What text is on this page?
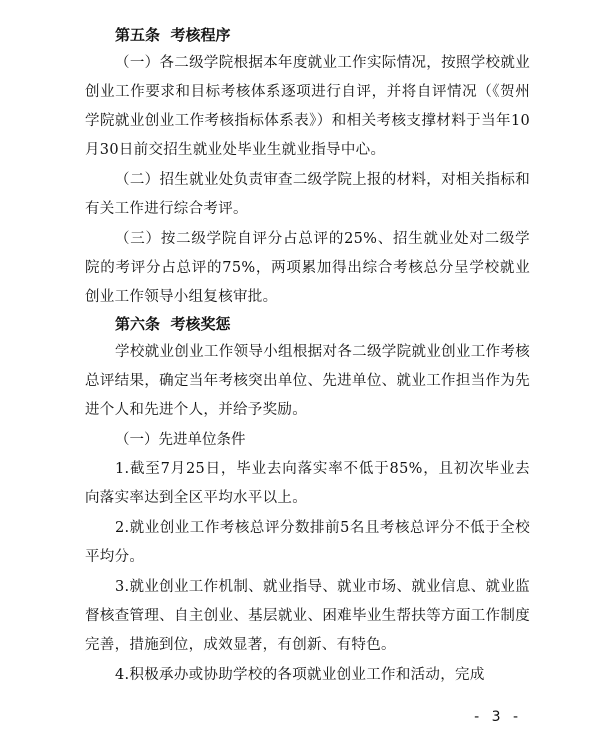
第五条  考核程序

（一）各二级学院根据本年度就业工作实际情况，按照学校就业创业工作要求和目标考核体系逐项进行自评，并将自评情况（《贺州学院就业创业工作考核指标体系表》）和相关考核支撑材料于当年10月30日前交招生就业处毕业生就业指导中心。

（二）招生就业处负责审查二级学院上报的材料，对相关指标和有关工作进行综合考评。

（三）按二级学院自评分占总评的25%、招生就业处对二级学院的考评分占总评的75%，两项累加得出综合考核总分呈学校就业创业工作领导小组复核审批。

第六条  考核奖惩

学校就业创业工作领导小组根据对各二级学院就业创业工作考核总评结果，确定当年考核突出单位、先进单位、就业工作担当作为先进个人和先进个人，并给予奖励。

（一）先进单位条件

1.截至7月25日，毕业去向落实率不低于85%，且初次毕业去向落实率达到全区平均水平以上。

2.就业创业工作考核总评分数排前5名且考核总评分不低于全校平均分。

3.就业创业工作机制、就业指导、就业市场、就业信息、就业监督核查管理、自主创业、基层就业、困难毕业生帮扶等方面工作制度完善，措施到位，成效显著，有创新、有特色。

4.积极承办或协助学校的各项就业创业工作和活动，完成

- 3 -
